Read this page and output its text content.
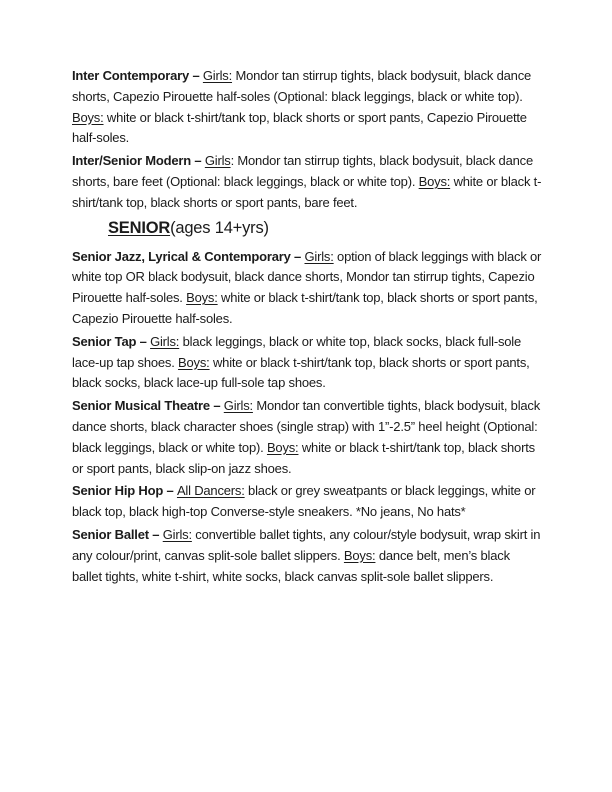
Inter Contemporary – Girls: Mondor tan stirrup tights, black bodysuit, black dance shorts, Capezio Pirouette half-soles (Optional: black leggings, black or white top). Boys: white or black t-shirt/tank top, black shorts or sport pants, Capezio Pirouette half-soles.
Inter/Senior Modern – Girls: Mondor tan stirrup tights, black bodysuit, black dance shorts, bare feet (Optional: black leggings, black or white top). Boys: white or black t-shirt/tank top, black shorts or sport pants, bare feet.
SENIOR(ages 14+yrs)
Senior Jazz, Lyrical & Contemporary – Girls: option of black leggings with black or white top OR black bodysuit, black dance shorts, Mondor tan stirrup tights, Capezio Pirouette half-soles. Boys: white or black t-shirt/tank top, black shorts or sport pants, Capezio Pirouette half-soles.
Senior Tap – Girls: black leggings, black or white top, black socks, black full-sole lace-up tap shoes. Boys: white or black t-shirt/tank top, black shorts or sport pants, black socks, black lace-up full-sole tap shoes.
Senior Musical Theatre – Girls: Mondor tan convertible tights, black bodysuit, black dance shorts, black character shoes (single strap) with 1”-2.5” heel height (Optional: black leggings, black or white top). Boys: white or black t-shirt/tank top, black shorts or sport pants, black slip-on jazz shoes.
Senior Hip Hop – All Dancers: black or grey sweatpants or black leggings, white or black top, black high-top Converse-style sneakers. *No jeans, No hats*
Senior Ballet – Girls: convertible ballet tights, any colour/style bodysuit, wrap skirt in any colour/print, canvas split-sole ballet slippers. Boys: dance belt, men’s black ballet tights, white t-shirt, white socks, black canvas split-sole ballet slippers.
